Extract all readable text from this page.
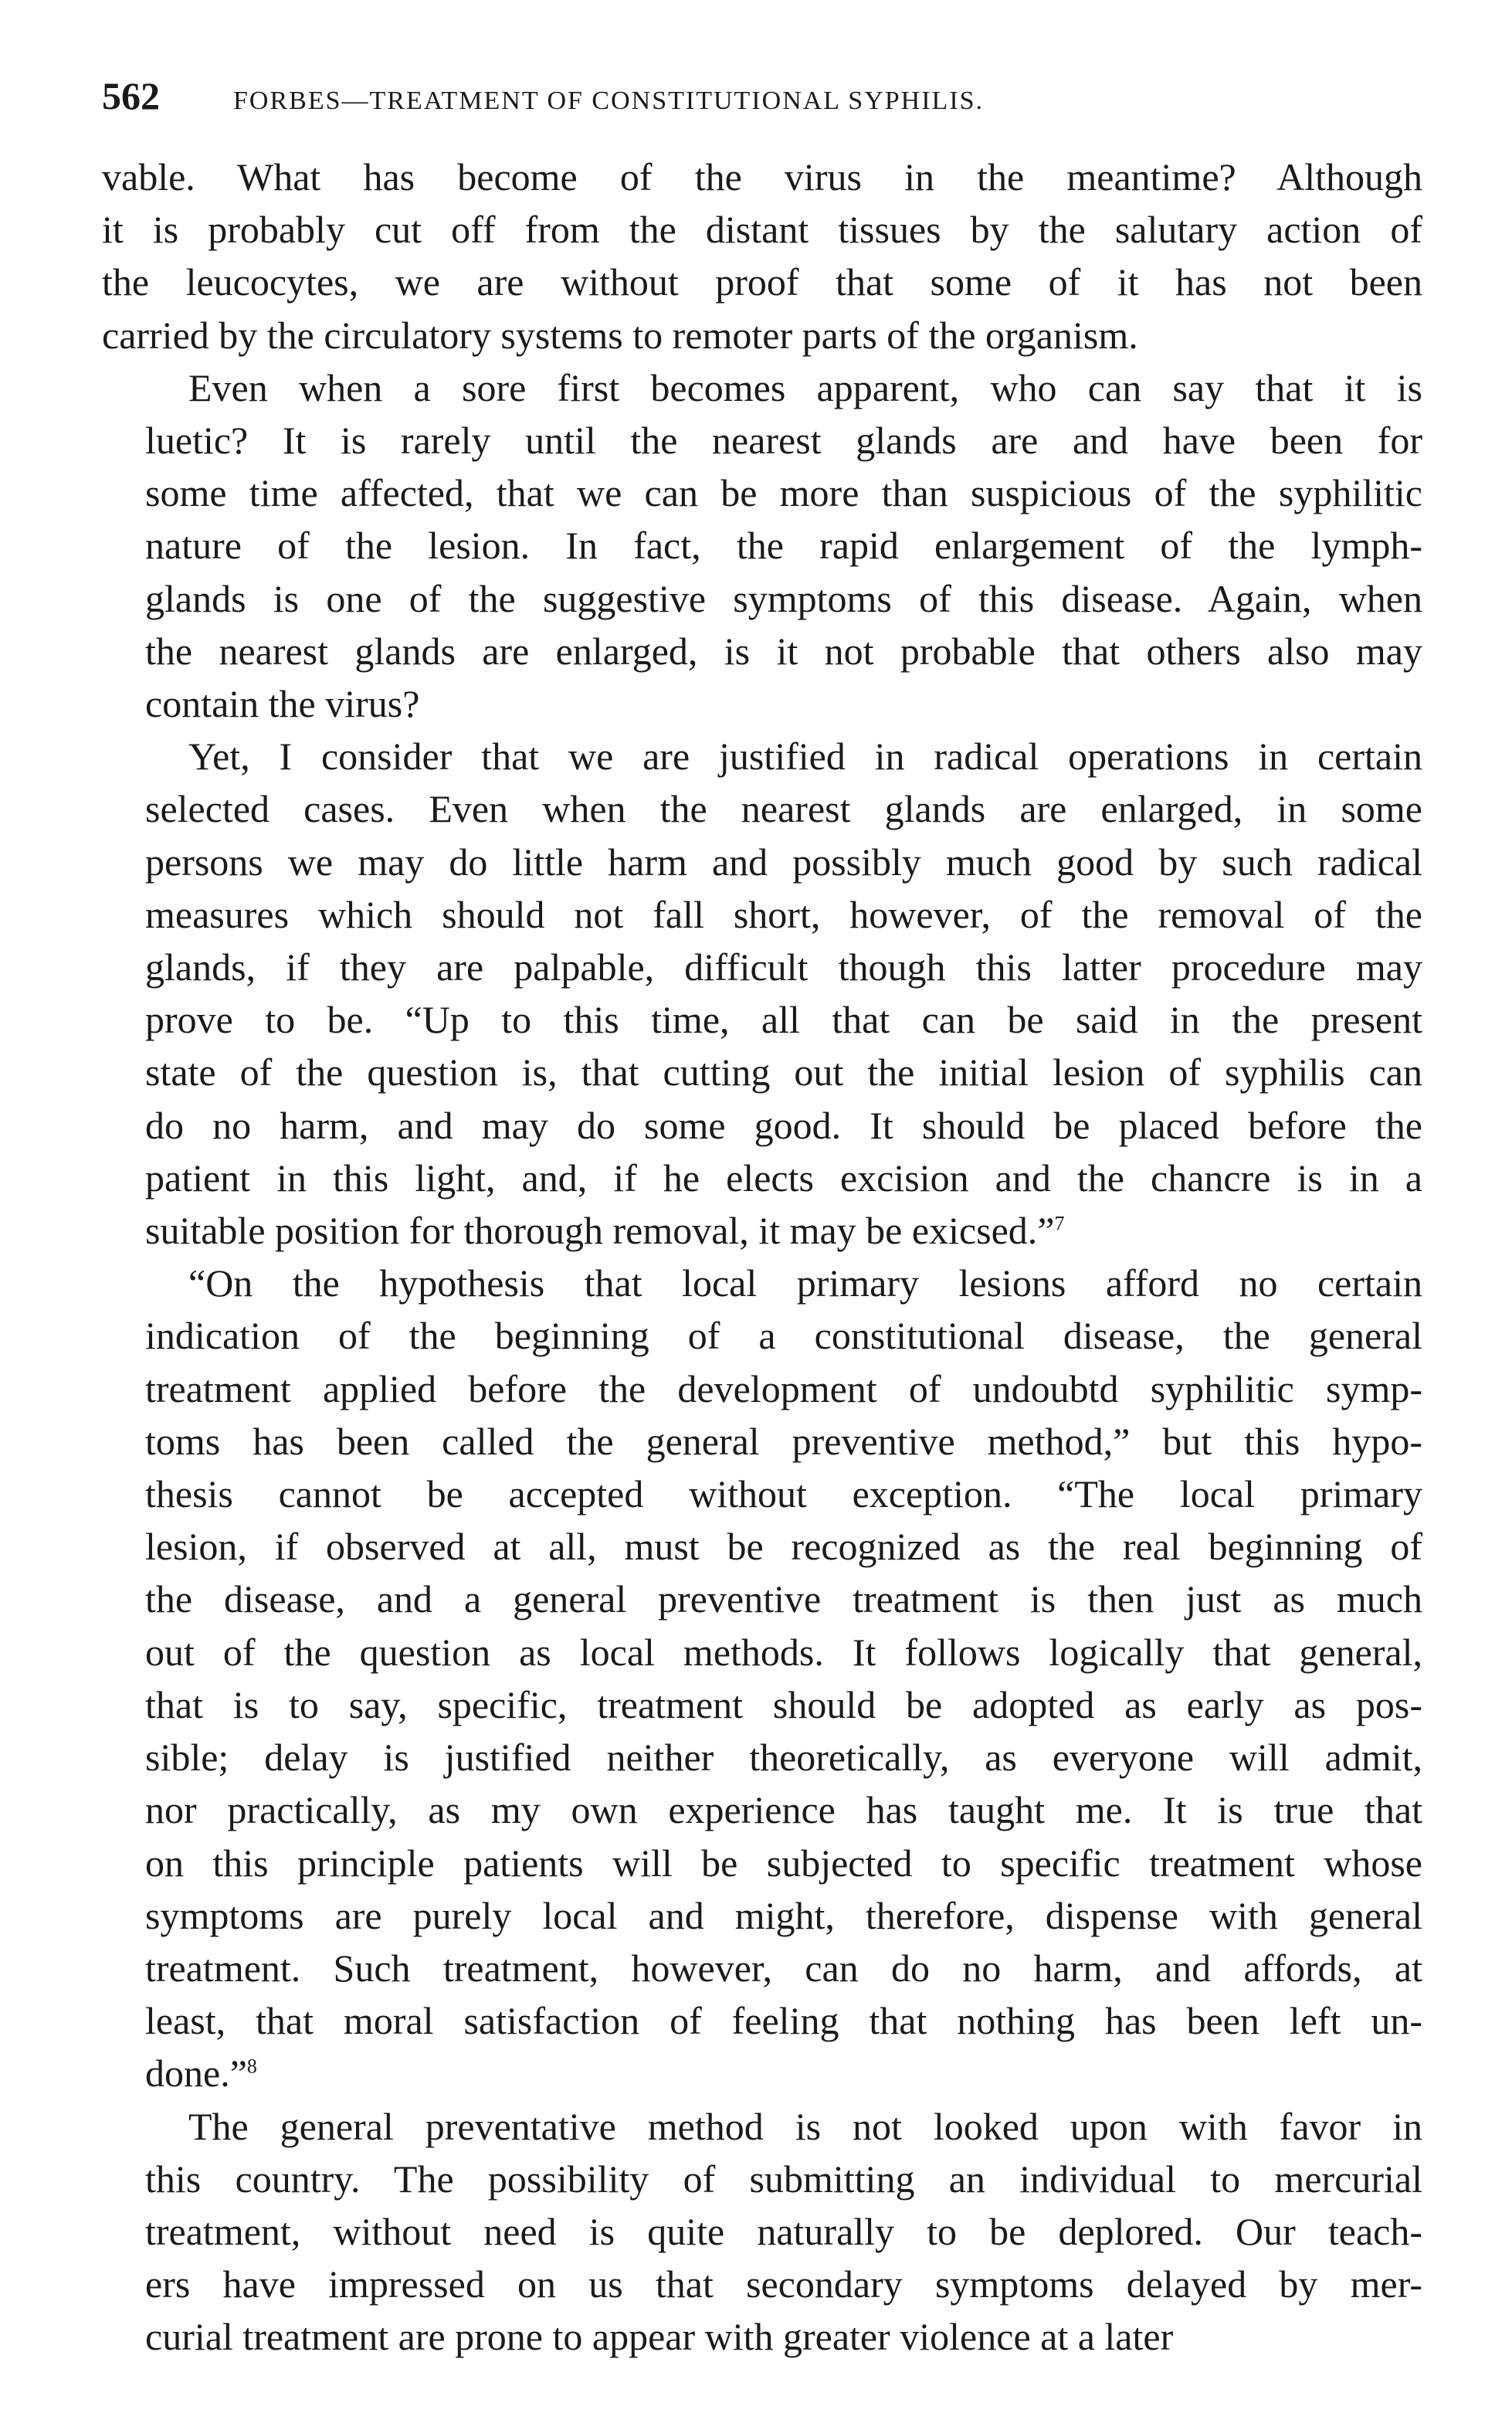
562	FORBES—TREATMENT OF CONSTITUTIONAL SYPHILIS.
vable. What has become of the virus in the meantime? Although
it is probably cut off from the distant tissues by the salutary action of
the leucocytes, we are without proof that some of it has not been
carried by the circulatory systems to remoter parts of the organism.
Even when a sore first becomes apparent, who can say that it is
luetic? It is rarely until the nearest glands are and have been for
some time affected, that we can be more than suspicious of the syphilitic
nature of the lesion. In fact, the rapid enlargement of the lymph-
glands is one of the suggestive symptoms of this disease. Again, when
the nearest glands are enlarged, is it not probable that others also may
contain the virus?
Yet, I consider that we are justified in radical operations in certain
selected cases. Even when the nearest glands are enlarged, in some
persons we may do little harm and possibly much good by such radical
measures which should not fall short, however, of the removal of the
glands, if they are palpable, difficult though this latter procedure may
prove to be. “Up to this time, all that can be said in the present
state of the question is, that cutting out the initial lesion of syphilis can
do no harm, and may do some good. It should be placed before the
patient in this light, and, if he elects excision and the chancre is in a
suitable position for thorough removal, it may be exicsed.”$^7$
“On the hypothesis that local primary lesions afford no certain
indication of the beginning of a constitutional disease, the general
treatment applied before the development of undoubtd syphilitic symp-
toms has been called the general preventive method,” but this hypo-
thesis cannot be accepted without exception. “The local primary
lesion, if observed at all, must be recognized as the real beginning of
the disease, and a general preventive treatment is then just as much
out of the question as local methods. It follows logically that general,
that is to say, specific, treatment should be adopted as early as pos-
sible; delay is justified neither theoretically, as everyone will admit,
nor practically, as my own experience has taught me. It is true that
on this principle patients will be subjected to specific treatment whose
symptoms are purely local and might, therefore, dispense with general
treatment. Such treatment, however, can do no harm, and affords, at
least, that moral satisfaction of feeling that nothing has been left un-
done.”$^8$
The general preventative method is not looked upon with favor in
this country. The possibility of submitting an individual to mercurial
treatment, without need is quite naturally to be deplored. Our teach-
ers have impressed on us that secondary symptoms delayed by mer-
curial treatment are prone to appear with greater violence at a later
